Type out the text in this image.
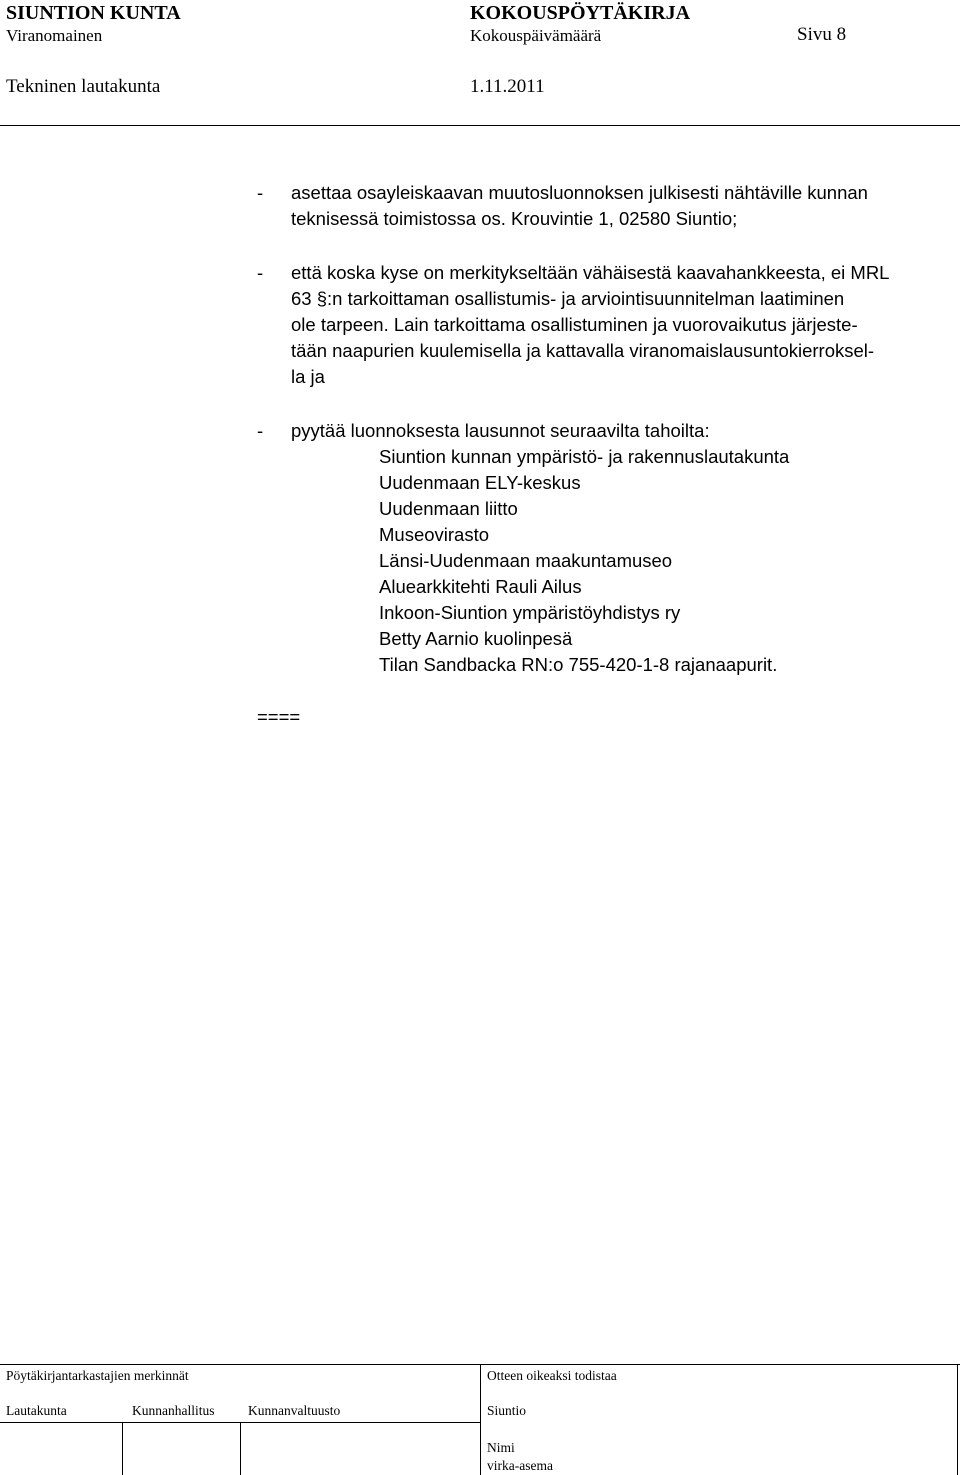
SIUNTION KUNTA	KOKOUSPÖYTÄKIRJA
Viranomainen	Kokouspäivämäärä	Sivu 8
Tekninen lautakunta	1.11.2011
- asettaa osayleiskaavan muutosluonnoksen julkisesti nähtäville kunnan
teknisessä toimistossa os. Krouvintie 1, 02580 Siuntio;
- että koska kyse on merkitykseltään vähäisestä kaavahankkeesta, ei MRL
63 §:n tarkoittaman osallistumis- ja arviointisuunnitelman laatiminen
ole tarpeen. Lain tarkoittama osallistuminen ja vuorovaikutus järjeste-
tään naapurien kuulemisella ja kattavalla viranomaislausuntokierroksel-
la ja
- pyytää luonnoksesta lausunnot seuraavilta tahoilta:
Siuntion kunnan ympäristö- ja rakennuslautakunta
Uudenmaan ELY-keskus
Uudenmaan liitto
Museovirasto
Länsi-Uudenmaan maakuntamuseo
Aluearkkitehti Rauli Ailus
Inkoon-Siuntion ympäristöyhdistys ry
Betty Aarnio kuolinpesä
Tilan Sandbacka RN:o 755-420-1-8 rajanaapurit.
====
Pöytäkirjantarkastajien merkinnät	Otteen oikeaksi todistaa
Lautakunta	Kunnanhallitus Kunnanvaltuusto	Siuntio
Nimi
virka-asema
